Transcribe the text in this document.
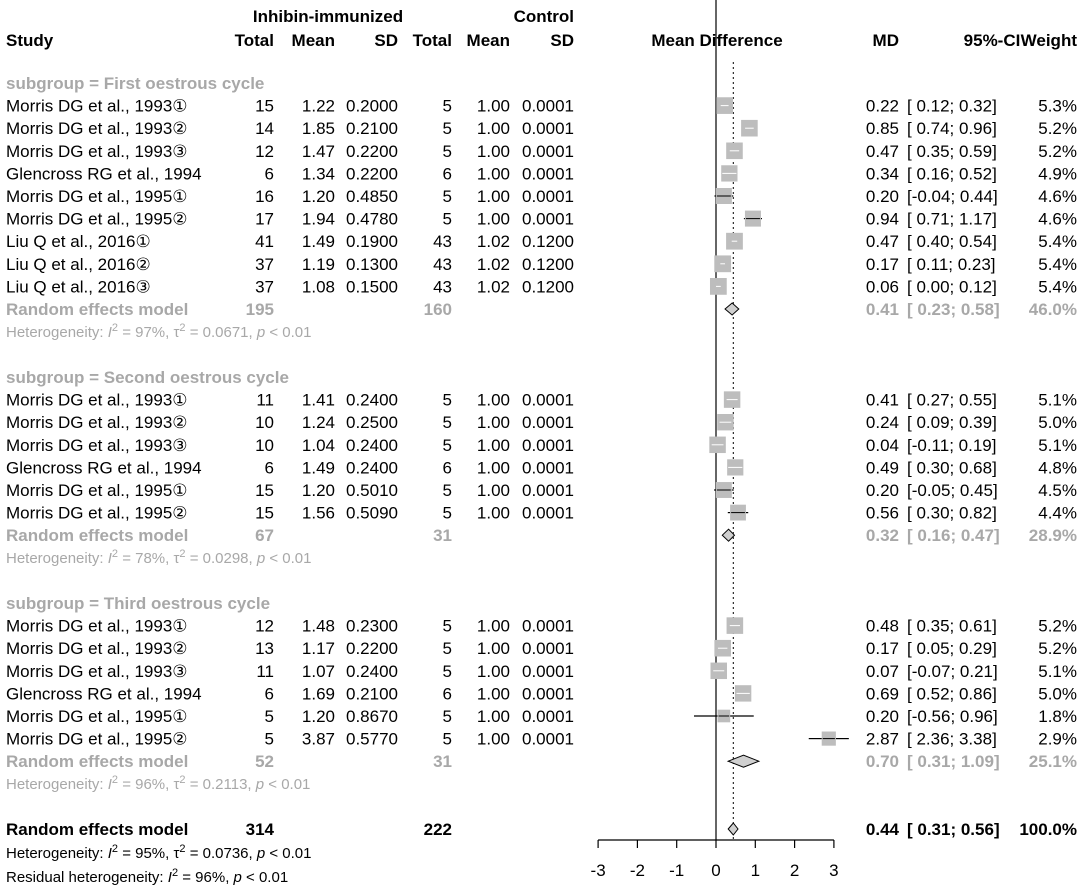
Inhibin-immunized	Control
Study	Total Mean SD Total Mean SD	Mean Difference	MD	95%-CI Weight
subgroup = First oestrous cycle
Morris DG et al., 1993①	15 1.22 0.2000	5 1.00 0.0001	0.22 [ 0.12; 0.32] 5.3%
Morris DG et al., 1993②	14 1.85 0.2100	5 1.00 0.0001	0.85 [ 0.74; 0.96] 5.2%
Morris DG et al., 1993③	12 1.47 0.2200	5 1.00 0.0001	0.47 [ 0.35; 0.59] 5.2%
Glencross RG et al., 1994	6 1.34 0.2200	6 1.00 0.0001	0.34 [ 0.16; 0.52] 4.9%
Morris DG et al., 1995①	16 1.20 0.4850	5 1.00 0.0001	0.20 [-0.04; 0.44] 4.6%
Morris DG et al., 1995②	17 1.94 0.4780	5 1.00 0.0001	0.94 [ 0.71; 1.17] 4.6%
Liu Q et al., 2016①	41 1.49 0.1900 43 1.02 0.1200	0.47 [ 0.40; 0.54] 5.4%
Liu Q et al., 2016②	37 1.19 0.1300 43 1.02 0.1200	0.17 [ 0.11; 0.23]	5.4%
Liu Q et al., 2016③	37 1.08 0.1500 43 1.02 0.1200	0.06 [ 0.00; 0.12] 5.4%
Random effects model	195	160	0.41 [ 0.23; 0.58] 46.0%
Heterogeneity: $I^2 = 97\%$, $\tau^2 = 0.0671$, p < 0.01
subgroup = Second oestrous cycle
Morris DG et al., 1993①	11 1.41 0.2400	5 1.00 0.0001	0.41 [ 0.27; 0.55] 5.1%
Morris DG et al., 1993②	10 1.24 0.2500	5 1.00 0.0001	0.24 [ 0.09; 0.39] 5.0%
Morris DG et al., 1993③	10 1.04 0.2400	5 1.00 0.0001	0.04 [-0.11; 0.19] 5.1%
Glencross RG et al., 1994	6 1.49 0.2400	6 1.00 0.0001	0.49 [ 0.30; 0.68] 4.8%
Morris DG et al., 1995①	15 1.20 0.5010	5 1.00 0.0001	0.20 [-0.05; 0.45] 4.5%
Morris DG et al., 1995②	15 1.56 0.5090	5 1.00 0.0001	0.56 [ 0.30; 0.82] 4.4%
Random effects model	67	31	0.32 [ 0.16; 0.47] 28.9%
Heterogeneity: $I^2 = 78\%$, $\tau^2 = 0.0298$, p < 0.01
subgroup = Third oestrous cycle
Morris DG et al., 1993①	12 1.48 0.2300	5 1.00 0.0001	0.48 [ 0.35; 0.61] 5.2%
Morris DG et al., 1993②	13 1.17 0.2200	5 1.00 0.0001	0.17 [ 0.05; 0.29] 5.2%
Morris DG et al., 1993③	11 1.07 0.2400	5 1.00 0.0001	0.07 [-0.07; 0.21] 5.1%
Glencross RG et al., 1994	6 1.69 0.2100	6 1.00 0.0001	0.69 [ 0.52; 0.86] 5.0%
Morris DG et al., 1995①	5 1.20 0.8670	5 1.00 0.0001	0.20 [-0.56; 0.96] 1.8%
Morris DG et al., 1995②	5 3.87 0.5770	5 1.00 0.0001	2.87 [ 2.36; 3.38] 2.9%
Random effects model	52	31	0.70 [ 0.31; 1.09] 25.1%
Heterogeneity: $I^2 = 96\%$, $\tau^2 = 0.2113$, p < 0.01
Random effects model	314	222	0.44 [ 0.31; 0.56] 100.0%
Heterogeneity: $I^2 = 95\%$, $\tau^2 = 0.0736$, p < 0.01
Residual heterogeneity: $I^2 = 96\%$, p < 0.01	-3 -2 -1 0 1 2 3
